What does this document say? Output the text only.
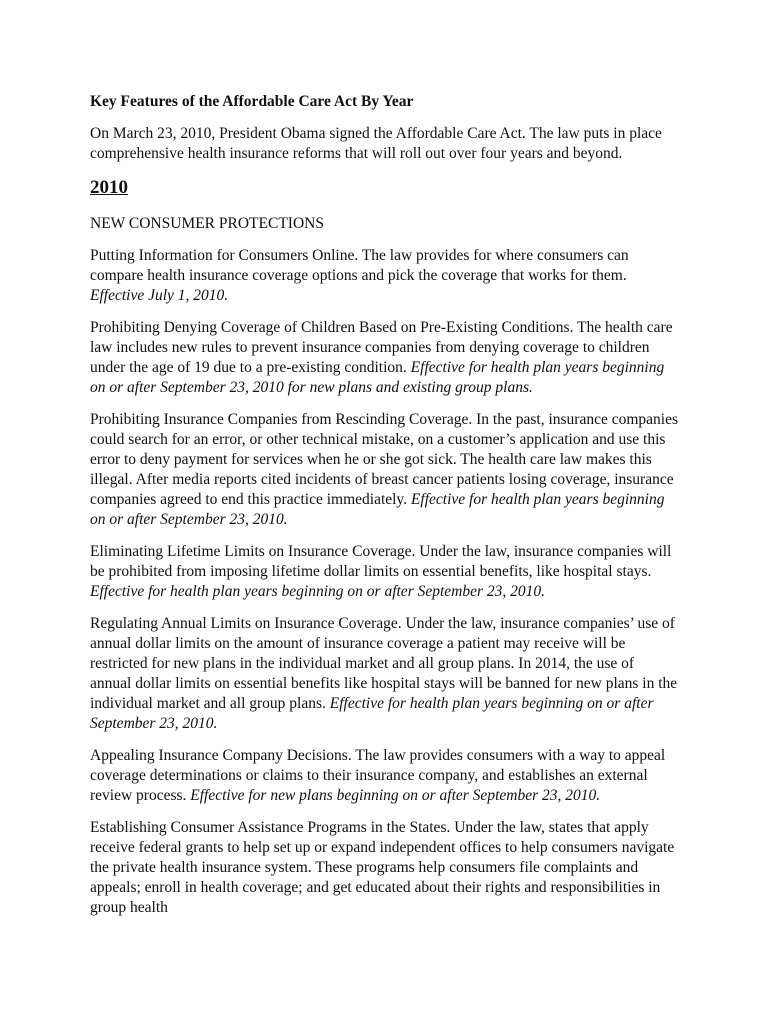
Key Features of the Affordable Care Act By Year
On March 23, 2010, President Obama signed the Affordable Care Act. The law puts in place comprehensive health insurance reforms that will roll out over four years and beyond.
2010
NEW CONSUMER PROTECTIONS
Putting Information for Consumers Online. The law provides for where consumers can compare health insurance coverage options and pick the coverage that works for them. Effective July 1, 2010.
Prohibiting Denying Coverage of Children Based on Pre-Existing Conditions. The health care law includes new rules to prevent insurance companies from denying coverage to children under the age of 19 due to a pre-existing condition. Effective for health plan years beginning on or after September 23, 2010 for new plans and existing group plans.
Prohibiting Insurance Companies from Rescinding Coverage. In the past, insurance companies could search for an error, or other technical mistake, on a customer’s application and use this error to deny payment for services when he or she got sick. The health care law makes this illegal. After media reports cited incidents of breast cancer patients losing coverage, insurance companies agreed to end this practice immediately. Effective for health plan years beginning on or after September 23, 2010.
Eliminating Lifetime Limits on Insurance Coverage. Under the law, insurance companies will be prohibited from imposing lifetime dollar limits on essential benefits, like hospital stays. Effective for health plan years beginning on or after September 23, 2010.
Regulating Annual Limits on Insurance Coverage. Under the law, insurance companies’ use of annual dollar limits on the amount of insurance coverage a patient may receive will be restricted for new plans in the individual market and all group plans. In 2014, the use of annual dollar limits on essential benefits like hospital stays will be banned for new plans in the individual market and all group plans. Effective for health plan years beginning on or after September 23, 2010.
Appealing Insurance Company Decisions. The law provides consumers with a way to appeal coverage determinations or claims to their insurance company, and establishes an external review process. Effective for new plans beginning on or after September 23, 2010.
Establishing Consumer Assistance Programs in the States. Under the law, states that apply receive federal grants to help set up or expand independent offices to help consumers navigate the private health insurance system. These programs help consumers file complaints and appeals; enroll in health coverage; and get educated about their rights and responsibilities in group health
